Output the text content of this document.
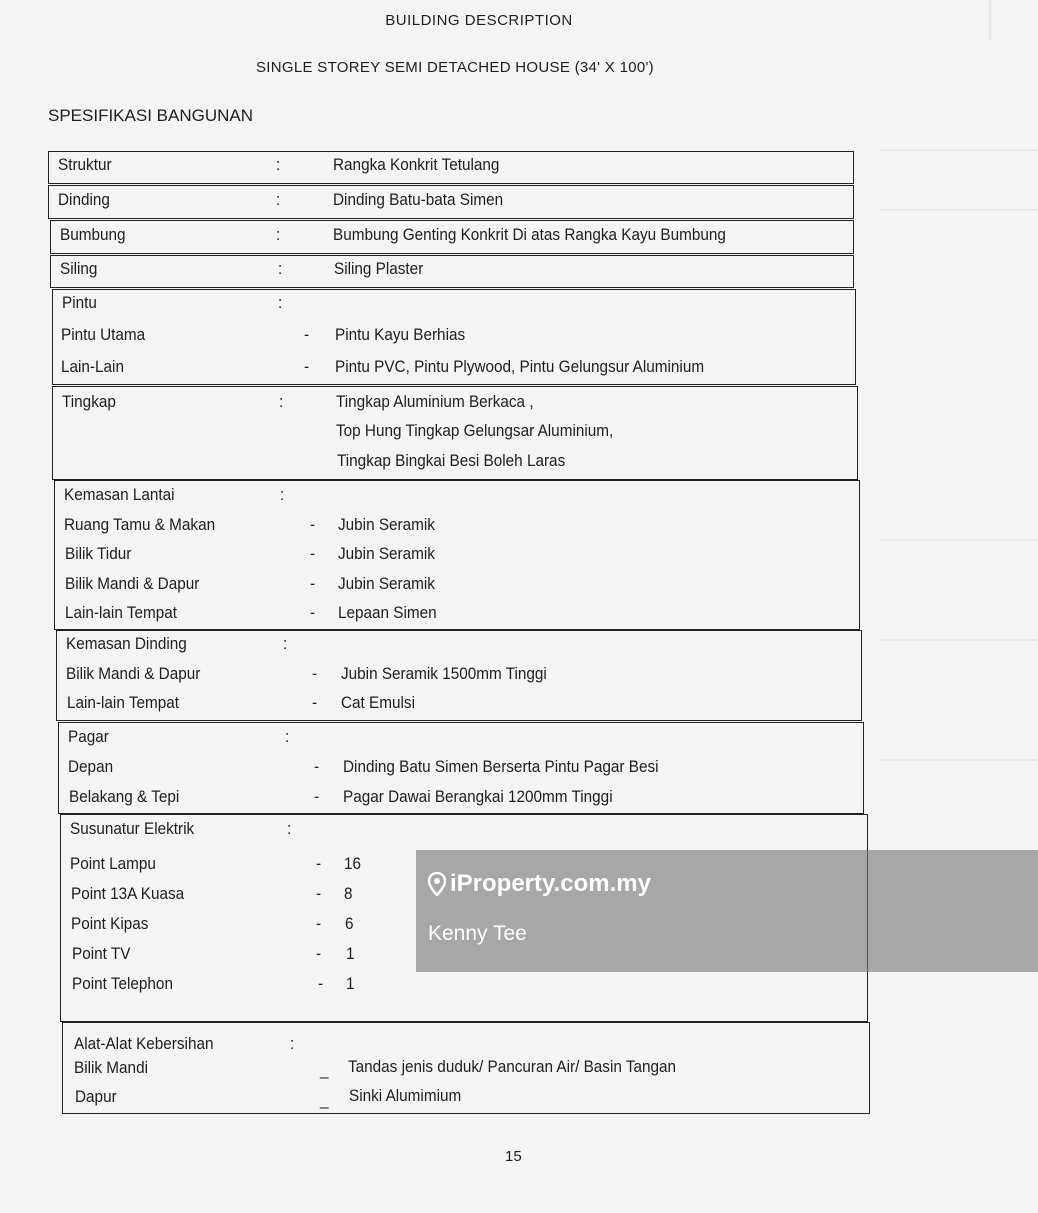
BUILDING DESCRIPTION
SINGLE STOREY SEMI DETACHED HOUSE (34' X 100')
SPESIFIKASI BANGUNAN
Struktur	:	Rangka Konkrit Tetulang
Dinding	:	Dinding Batu-bata Simen
Bumbung	:	Bumbung Genting Konkrit Di atas Rangka Kayu Bumbung
Siling	:	Siling Plaster
Pintu	:
Pintu Utama	- Pintu Kayu Berhias
Lain-Lain	- Pintu PVC, Pintu Plywood, Pintu Gelungsur Aluminium
Tingkap	:	Tingkap Aluminium Berkaca ,
Top Hung Tingkap Gelungsar Aluminium,
Tingkap Bingkai Besi Boleh Laras
Kemasan Lantai	:
Ruang Tamu & Makan	- Jubin Seramik
Bilik Tidur	- Jubin Seramik
Bilik Mandi & Dapur	- Jubin Seramik
Lain-lain Tempat	- Lepaan Simen
Kemasan Dinding	:
Bilik Mandi & Dapur	- Jubin Seramik 1500mm Tinggi
Lain-lain Tempat	- Cat Emulsi
Pagar	:
Depan	- Dinding Batu Simen Berserta Pintu Pagar Besi
Belakang & Tepi	- Pagar Dawai Berangkai 1200mm Tinggi
Susunatur Elektrik	:
Point Lampu	- 16
Point 13A Kuasa	- 8
Point Kipas	- 6
Point TV	- 1
Point Telephon	- 1
Alat-Alat Kebersihan	:
Bilik Mandi	_ Tandas jenis duduk/ Pancuran Air/ Basin Tangan
Dapur	_ Sinki Alumimium
15
iProperty.com.my
Kenny Tee
